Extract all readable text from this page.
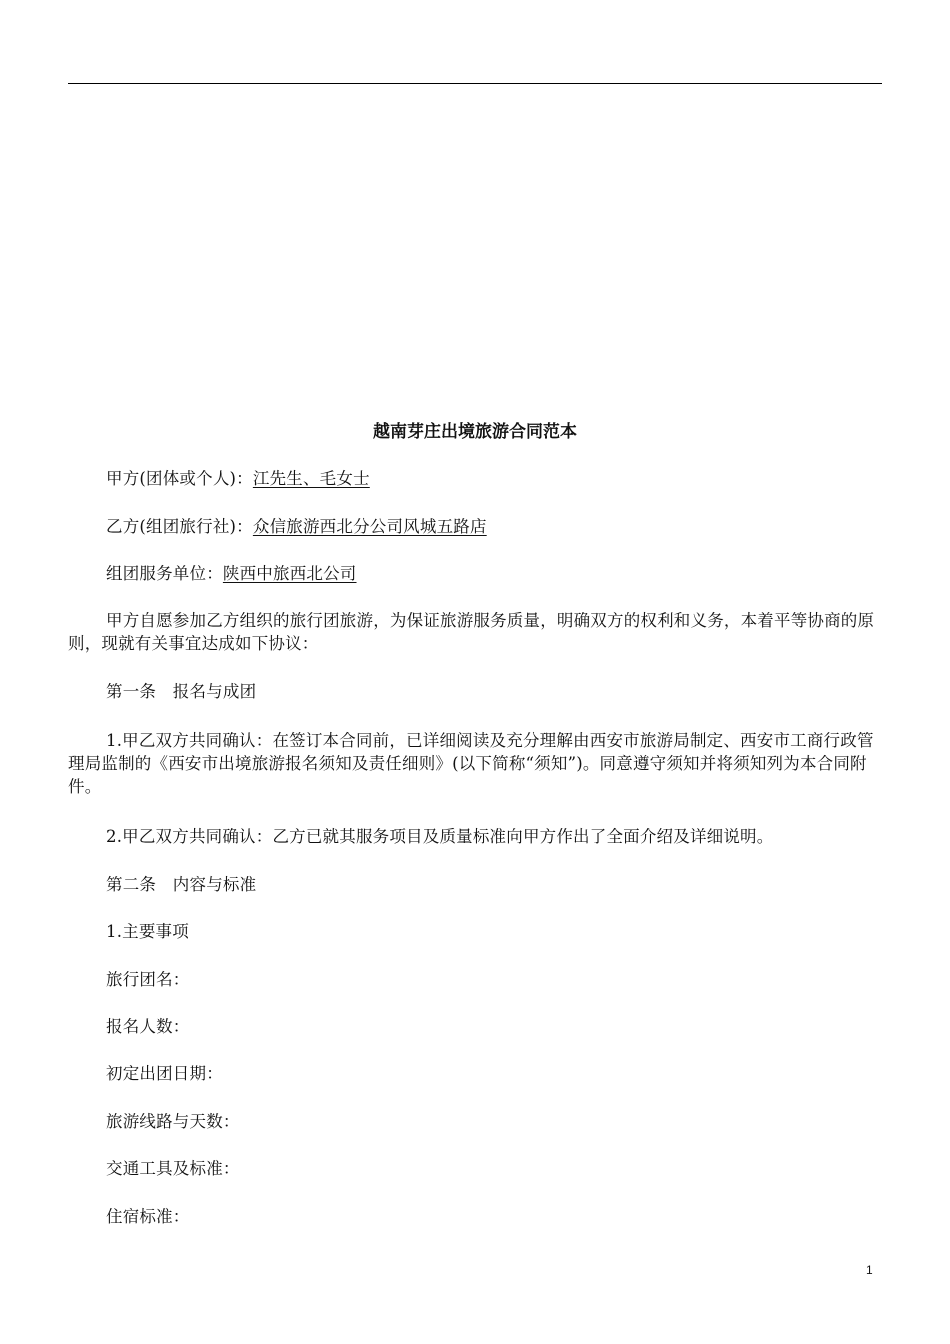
越南芽庄出境旅游合同范本

甲方(团体或个人)：江先生、毛女士

乙方(组团旅行社)：众信旅游西北分公司风城五路店

组团服务单位：陕西中旅西北公司

甲方自愿参加乙方组织的旅行团旅游，为保证旅游服务质量，明确双方的权利和义务，本着平等协商的原则，现就有关事宜达成如下协议：

第一条　报名与成团

1.甲乙双方共同确认：在签订本合同前，已详细阅读及充分理解由西安市旅游局制定、西安市工商行政管理局监制的《西安市出境旅游报名须知及责任细则》(以下简称“须知”)。同意遵守须知并将须知列为本合同附件。

2.甲乙双方共同确认：乙方已就其服务项目及质量标准向甲方作出了全面介绍及详细说明。

第二条　内容与标准

1.主要事项

旅行团名：

报名人数：

初定出团日期：

旅游线路与天数：

交通工具及标准：

住宿标准：

1
